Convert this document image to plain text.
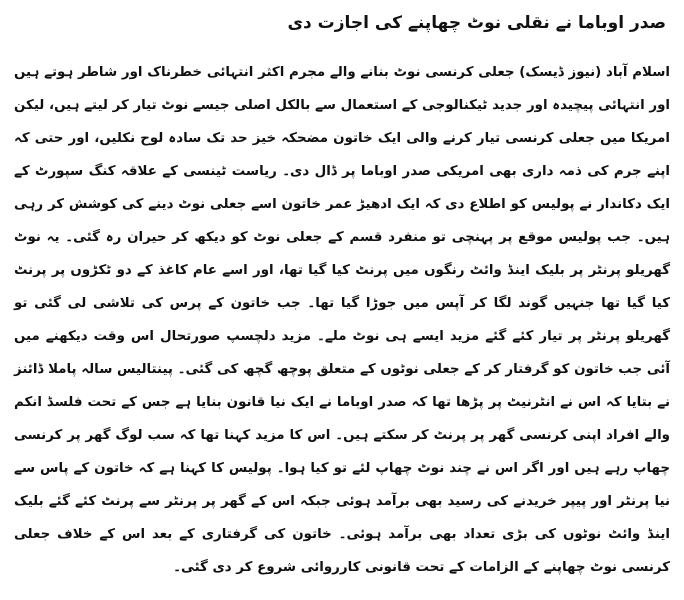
صدر اوباما نے نقلی نوٹ چھاپنے کی اجازت دی

اسلام آباد (نیوز ڈیسک) جعلی کرنسی نوٹ بنانے والے مجرم اکثر انتہائی خطرناک اور شاطر ہوتے ہیں اور انتہائی پیچیدہ اور جدید ٹیکنالوجی کے استعمال سے بالکل اصلی جیسے نوٹ تیار کر لیتے ہیں، لیکن امریکا میں جعلی کرنسی تیار کرنے والی ایک خاتون مضحکہ خیز حد تک سادہ لوح نکلیں، اور حتی کہ اپنے جرم کی ذمہ داری بھی امریکی صدر اوباما پر ڈال دی۔ ریاست ٹینسی کے علاقہ کنگ سپورٹ کے ایک دکاندار نے پولیس کو اطلاع دی کہ ایک ادھیڑ عمر خاتون اسے جعلی نوٹ دینے کی کوشش کر رہی ہیں۔ جب پولیس موقع پر پہنچی تو منفرد قسم کے جعلی نوٹ کو دیکھ کر حیران رہ گئی۔ یہ نوٹ گھریلو پرنٹر پر بلیک اینڈ وائٹ رنگوں میں پرنٹ کیا گیا تھا، اور اسے عام کاغذ کے دو ٹکڑوں پر پرنٹ کیا گیا تھا جنہیں گوند لگا کر آپس میں جوڑا گیا تھا۔ جب خاتون کے پرس کی تلاشی لی گئی تو گھریلو پرنٹر پر تیار کئے گئے مزید ایسے ہی نوٹ ملے۔ مزید دلچسپ صورتحال اس وقت دیکھنے میں آئی جب خاتون کو گرفتار کر کے جعلی نوٹوں کے متعلق پوچھ گچھ کی گئی۔ پینتالیس سالہ پاملا ڈائنز نے بتایا کہ اس نے انٹرنیٹ پر پڑھا تھا کہ صدر اوباما نے ایک نیا قانون بنایا ہے جس کے تحت فلسڈ انکم والے افراد اپنی کرنسی گھر پر پرنٹ کر سکتے ہیں۔ اس کا مزید کہنا تھا کہ سب لوگ گھر پر کرنسی چھاپ رہے ہیں اور اگر اس نے چند نوٹ چھاپ لئے تو کیا ہوا۔ پولیس کا کہنا ہے کہ خاتون کے پاس سے نیا پرنٹر اور پیپر خریدنے کی رسید بھی برآمد ہوئی جبکہ اس کے گھر پر پرنٹر سے پرنٹ کئے گئے بلیک اینڈ وائٹ نوٹوں کی بڑی تعداد بھی برآمد ہوئی۔ خاتون کی گرفتاری کے بعد اس کے خلاف جعلی کرنسی نوٹ چھاپنے کے الزامات کے تحت قانونی کارروائی شروع کر دی گئی۔
